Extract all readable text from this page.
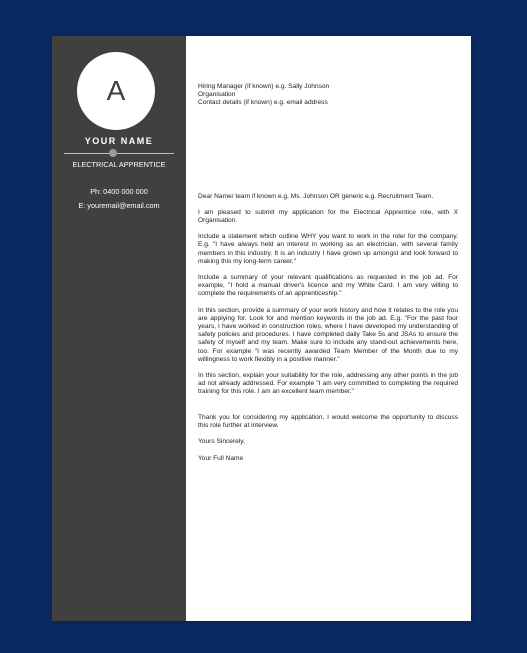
A
YOUR NAME
ELECTRICAL APPRENTICE
Ph: 0400 000 000
E: youremail@email.com

Hiring Manager (if known) e.g. Sally Johnson

Organisation

Contact details (if known) e.g. email address

Dear Name/ team if known e.g. Ms. Johnson OR generic e.g. Recruitment Team.

I am pleased to submit my application for the Electrical Apprentice role, with X Organisation.

Include a statement which outline WHY you want to work in the role/ for the company. E.g. "I have always held an interest in working as an electrician, with several family members in this industry. It is an industry I have grown up amongst and look forward to making this my long-term career."

Include a summary of your relevant qualifications as requested in the job ad. For example, "I hold a manual driver's licence and my White Card. I am very willing to complete the requirements of an apprenticeship."

In this section, provide a summary of your work history and how it relates to the role you are applying for. Look for and mention keywords in the job ad. E.g. "For the past four years, I have worked in construction roles, where I have developed my understanding of safety policies and procedures. I have completed daily Take 5s and JSAs to ensure the safety of myself and my team. Make sure to include any stand-out achievements here, too. For example "I was recently awarded Team Member of the Month due to my willingness to work flexibly in a positive manner."

In this section, explain your suitability for the role, addressing any other points in the job ad not already addressed. For example "I am very committed to completing the required training for this role. I am an excellent team member."

Thank you for considering my application. I would welcome the opportunity to discuss this role further at interview.

Yours Sincerely,

Your Full Name
